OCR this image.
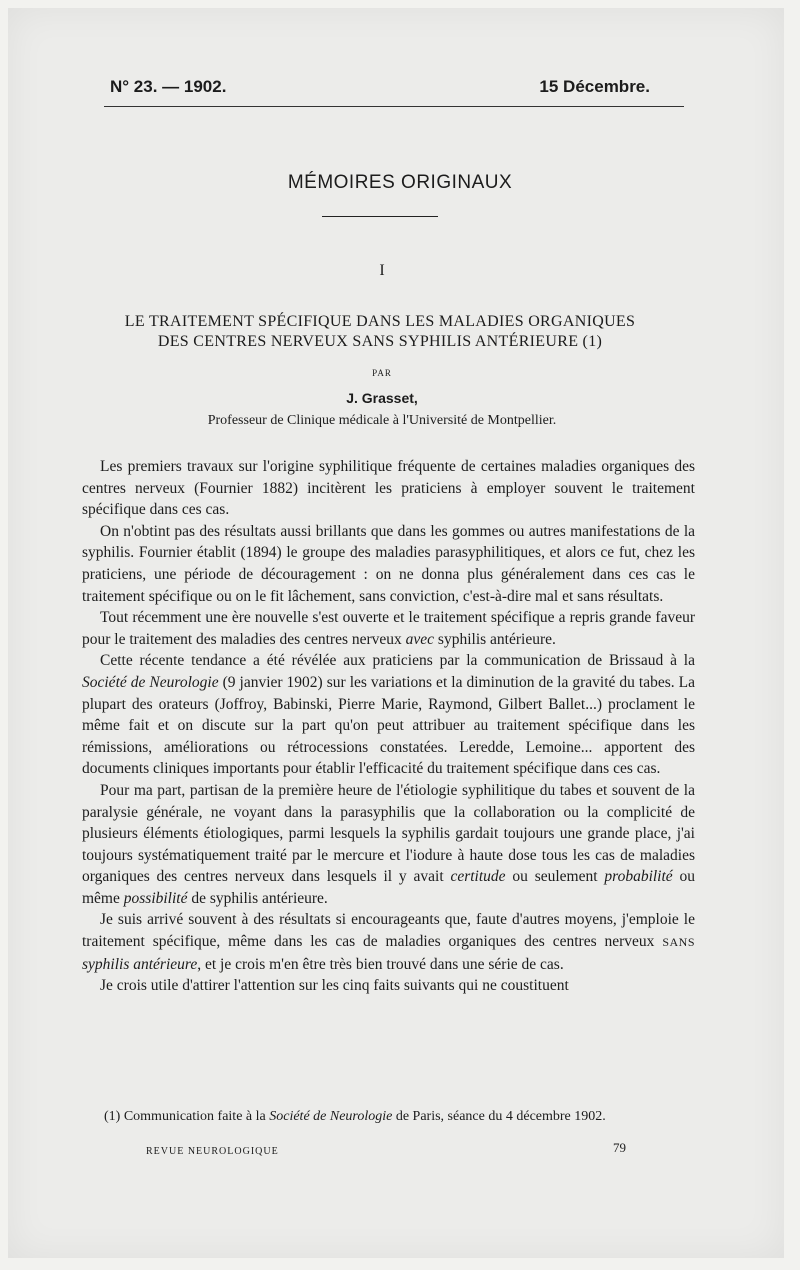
N° 23. — 1902.	15 Décembre.
MÉMOIRES ORIGINAUX
I
LE TRAITEMENT SPÉCIFIQUE DANS LES MALADIES ORGANIQUES
DES CENTRES NERVEUX SANS SYPHILIS ANTÉRIEURE (1)
PAR
J. Grasset,
Professeur de Clinique médicale à l'Université de Montpellier.

Les premiers travaux sur l'origine syphilitique fréquente de certaines maladies organiques des centres nerveux (Fournier 1882) incitèrent les praticiens à employer souvent le traitement spécifique dans ces cas.

On n'obtint pas des résultats aussi brillants que dans les gommes ou autres manifestations de la syphilis. Fournier établit (1894) le groupe des maladies parasyphilitiques, et alors ce fut, chez les praticiens, une période de découragement : on ne donna plus généralement dans ces cas le traitement spécifique ou on le fit lâchement, sans conviction, c'est-à-dire mal et sans résultats.

Tout récemment une ère nouvelle s'est ouverte et le traitement spécifique a repris grande faveur pour le traitement des maladies des centres nerveux avec syphilis antérieure.

Cette récente tendance a été révélée aux praticiens par la communication de Brissaud à la Société de Neurologie (9 janvier 1902) sur les variations et la diminution de la gravité du tabes. La plupart des orateurs (Joffroy, Babinski, Pierre Marie, Raymond, Gilbert Ballet...) proclament le même fait et on discute sur la part qu'on peut attribuer au traitement spécifique dans les rémissions, améliorations ou rétrocessions constatées. Leredde, Lemoine... apportent des documents cliniques importants pour établir l'efficacité du traitement spécifique dans ces cas.

Pour ma part, partisan de la première heure de l'étiologie syphilitique du tabes et souvent de la paralysie générale, ne voyant dans la parasyphilis que la collaboration ou la complicité de plusieurs éléments étiologiques, parmi lesquels la syphilis gardait toujours une grande place, j'ai toujours systématiquement traité par le mercure et l'iodure à haute dose tous les cas de maladies organiques des centres nerveux dans lesquels il y avait certitude ou seulement probabilité ou même possibilité de syphilis antérieure.

Je suis arrivé souvent à des résultats si encourageants que, faute d'autres moyens, j'emploie le traitement spécifique, même dans les cas de maladies organiques des centres nerveux SANS syphilis antérieure, et je crois m'en être très bien trouvé dans une série de cas.

Je crois utile d'attirer l'attention sur les cinq faits suivants qui ne coustituent

(1) Communication faite à la Société de Neurologie de Paris, séance du 4 décembre 1902.
REVUE NEUROLOGIQUE	79
